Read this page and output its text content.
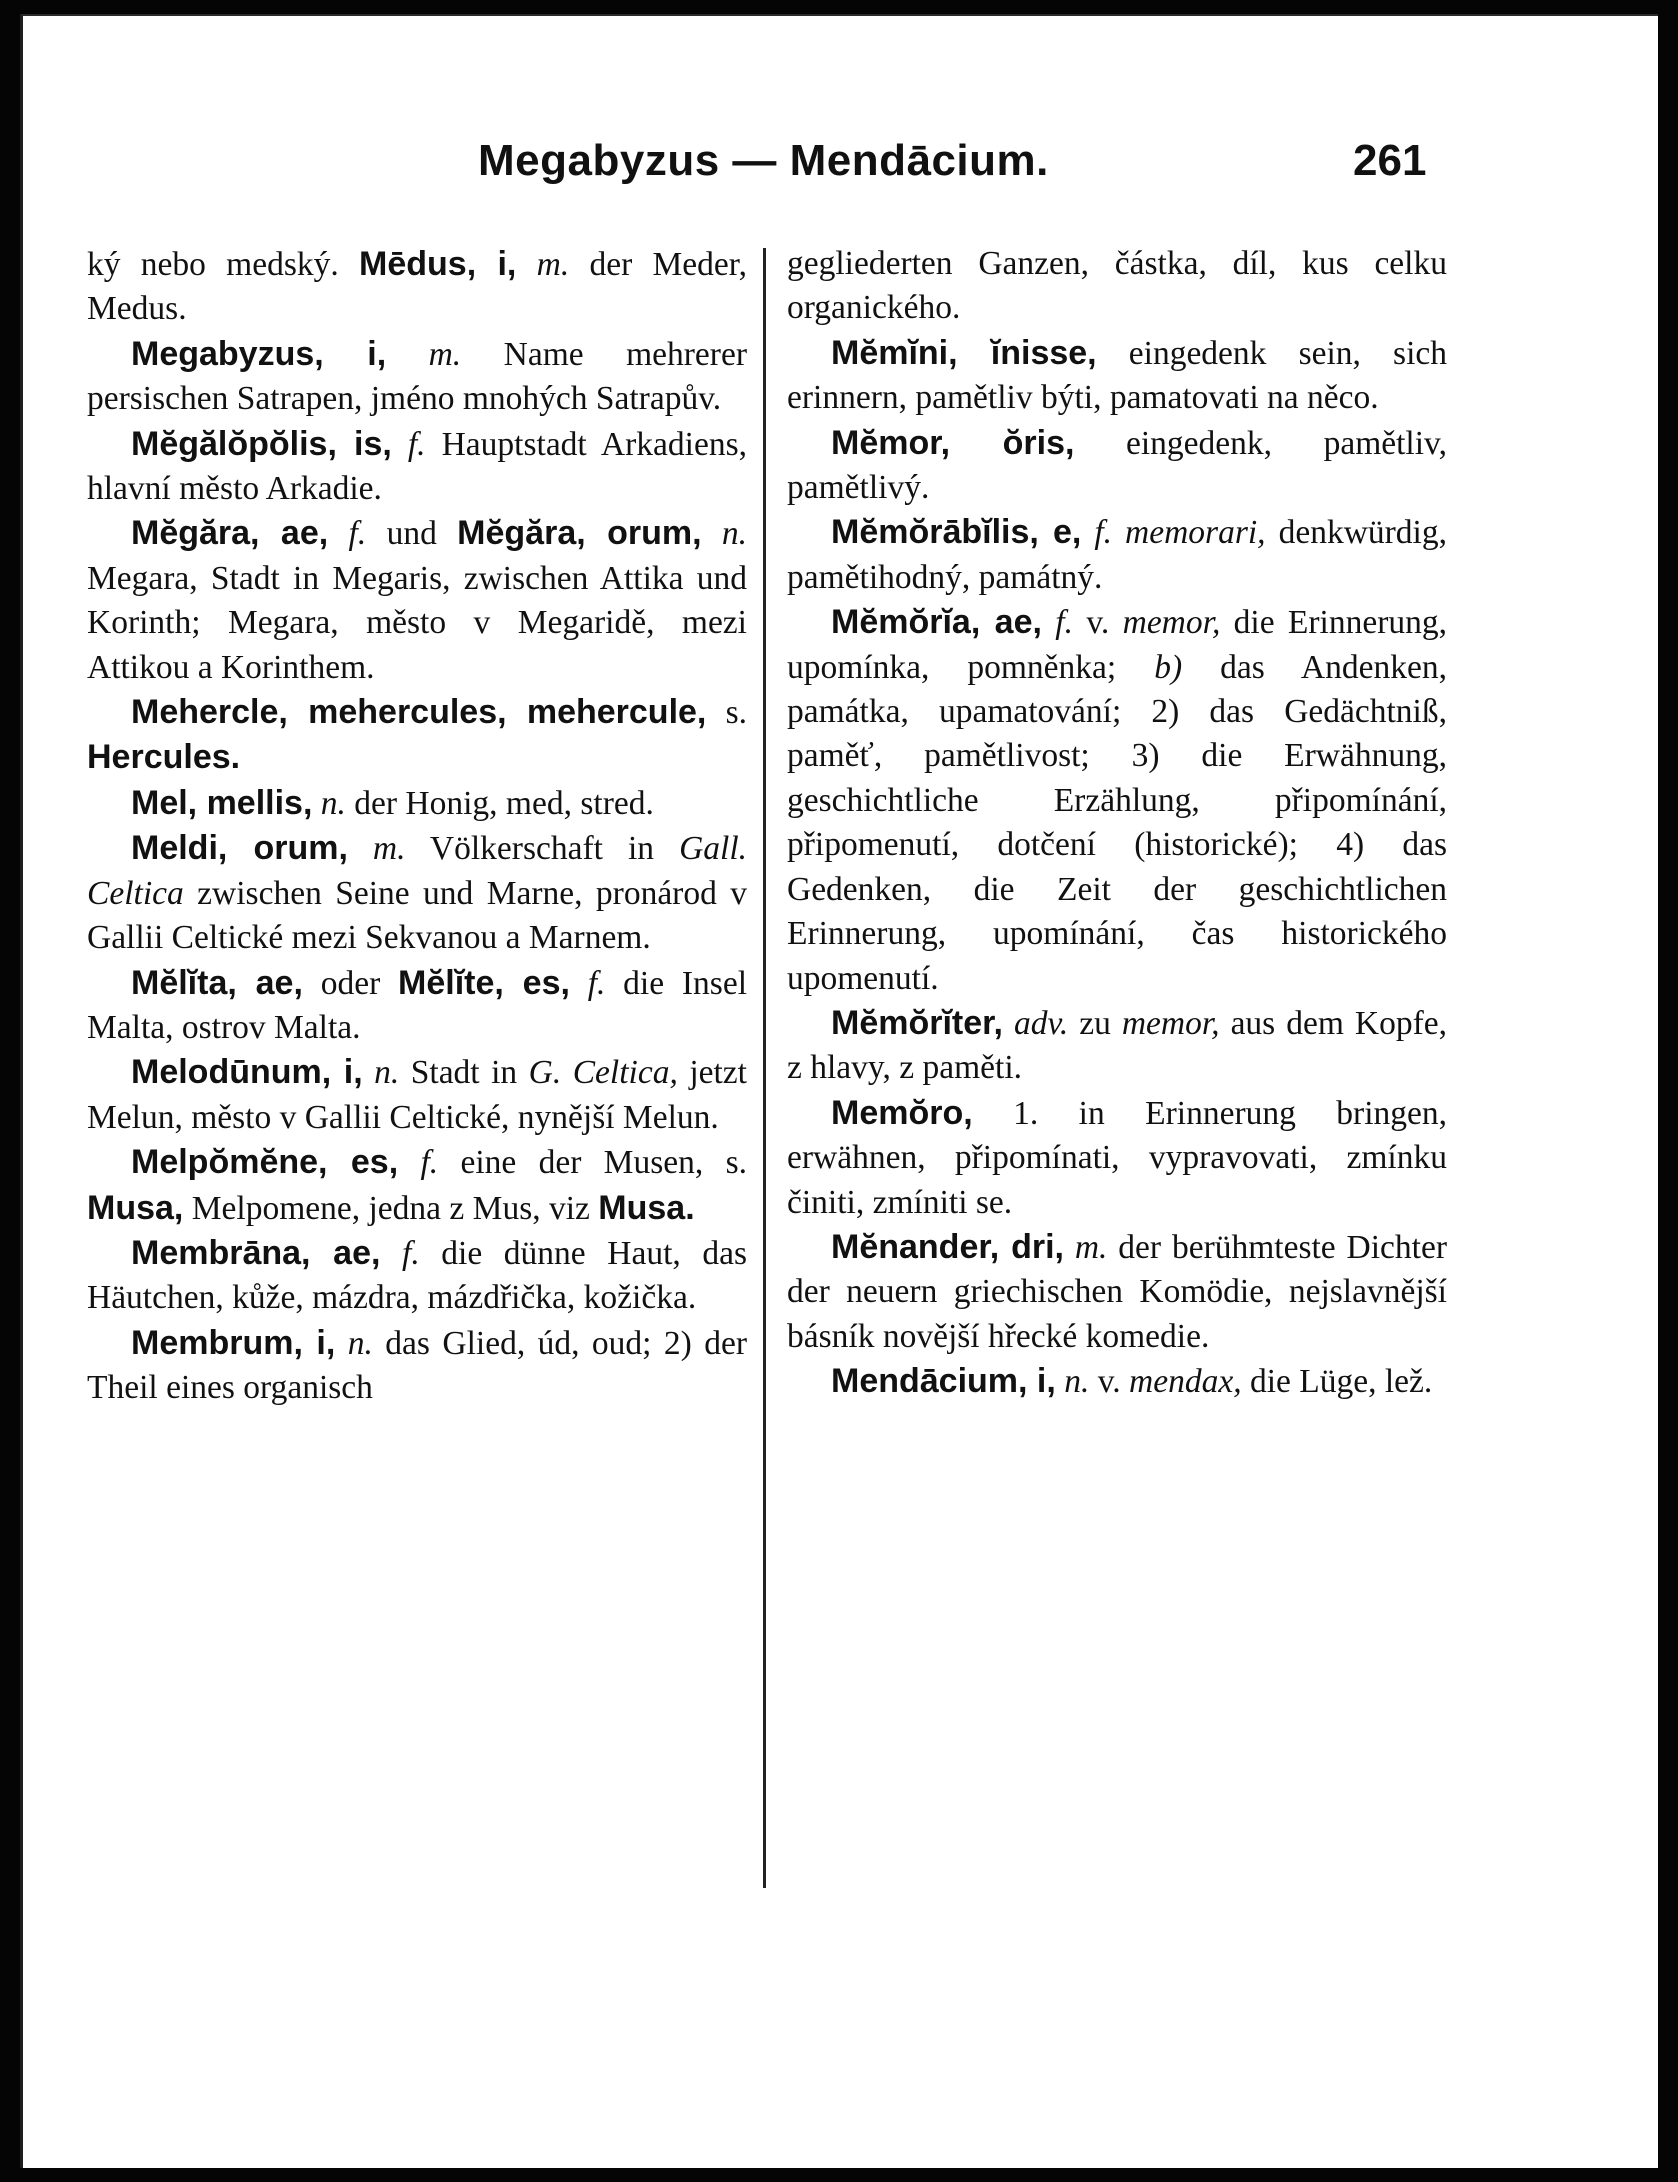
Megabyzus — Mendācium.	261

ký nebo medský. Mēdus, i, m. der Meder, Medus.

Megabyzus, i, m. Name mehrerer persischen Satrapen, jméno mnohých Satrapův.

Mĕgălŏpŏlis, is, f. Hauptstadt Arkadiens, hlavní město Arkadie.

Mĕgăra, ae, f. und Mĕgăra, orum, n. Megara, Stadt in Megaris, zwischen Attika und Korinth; Megara, město v Megaridě, mezi Attikou a Korinthem.

Mehercle, mehercules, mehercule, s. Hercules.

Mel, mellis, n. der Honig, med, stred.

Meldi, orum, m. Völkerschaft in Gall. Celtica zwischen Seine und Marne, pronárod v Gallii Celtické mezi Sekvanou a Marnem.

Mĕlĭta, ae, oder Mĕlĭte, es, f. die Insel Malta, ostrov Malta.

Melodūnum, i, n. Stadt in G. Celtica, jetzt Melun, město v Gallii Celtické, nynější Melun.

Melpŏmĕne, es, f. eine der Musen, s. Musa, Melpomene, jedna z Mus, viz Musa.

Membrāna, ae, f. die dünne Haut, das Häutchen, kůže, mázdra, mázdřička, kožička.

Membrum, i, n. das Glied, úd, oud; 2) der Theil eines organisch

gegliederten Ganzen, částka, díl, kus celku organického.

Mĕmĭni, ĭnisse, eingedenk sein, sich erinnern, pamětliv býti, pamatovati na něco.

Mĕmor, ŏris, eingedenk, pamětliv, pamětlivý.

Mĕmŏrābĭlis, e, f. memorari, denkwürdig, pamětihodný, památný.

Mĕmŏrĭa, ae, f. v. memor, die Erinnerung, upomínka, pomněnka; b) das Andenken, památka, upamatování; 2) das Gedächtniß, paměť, pamětlivost; 3) die Erwähnung, geschichtliche Erzählung, připomínání, připomenutí, dotčení (historické); 4) das Gedenken, die Zeit der geschichtlichen Erinnerung, upomínání, čas historického upomenutí.

Mĕmŏrĭter, adv. zu memor, aus dem Kopfe, z hlavy, z paměti.

Memŏro, 1. in Erinnerung bringen, erwähnen, připomínati, vypravovati, zmínku činiti, zmíniti se.

Mĕnander, dri, m. der berühmteste Dichter der neuern griechischen Komödie, nejslavnější básník novější hřecké komedie.

Mendācium, i, n. v. mendax, die Lüge, lež.
